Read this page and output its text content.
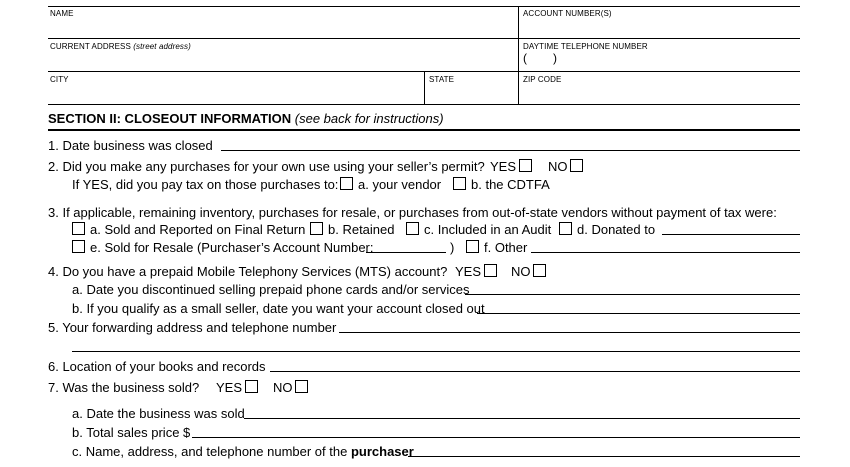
NAME	ACCOUNT NUMBER(S)
CURRENT ADDRESS (street address)	DAYTIME TELEPHONE NUMBER
( )
CITY	STATE	ZIP CODE
SECTION II: CLOSEOUT INFORMATION (see back for instructions)
1. Date business was closed
2. Did you make any purchases for your own use using your seller’s permit? YES NO
If YES, did you pay tax on those purchases to: a. your vendor b. the CDTFA
3. If applicable, remaining inventory, purchases for resale, or purchases from out-of-state vendors without payment of tax were:
a. Sold and Reported on Final Return b. Retained c. Included in an Audit d. Donated to
e. Sold for Resale (Purchaser’s Account Number:	) f. Other
4. Do you have a prepaid Mobile Telephony Services (MTS) account? YES NO
a. Date you discontinued selling prepaid phone cards and/or services
b. If you qualify as a small seller, date you want your account closed out
5. Your forwarding address and telephone number
6. Location of your books and records
7. Was the business sold? YES NO
a. Date the business was sold
b. Total sales price $
c. Name, address, and telephone number of the purchaser
